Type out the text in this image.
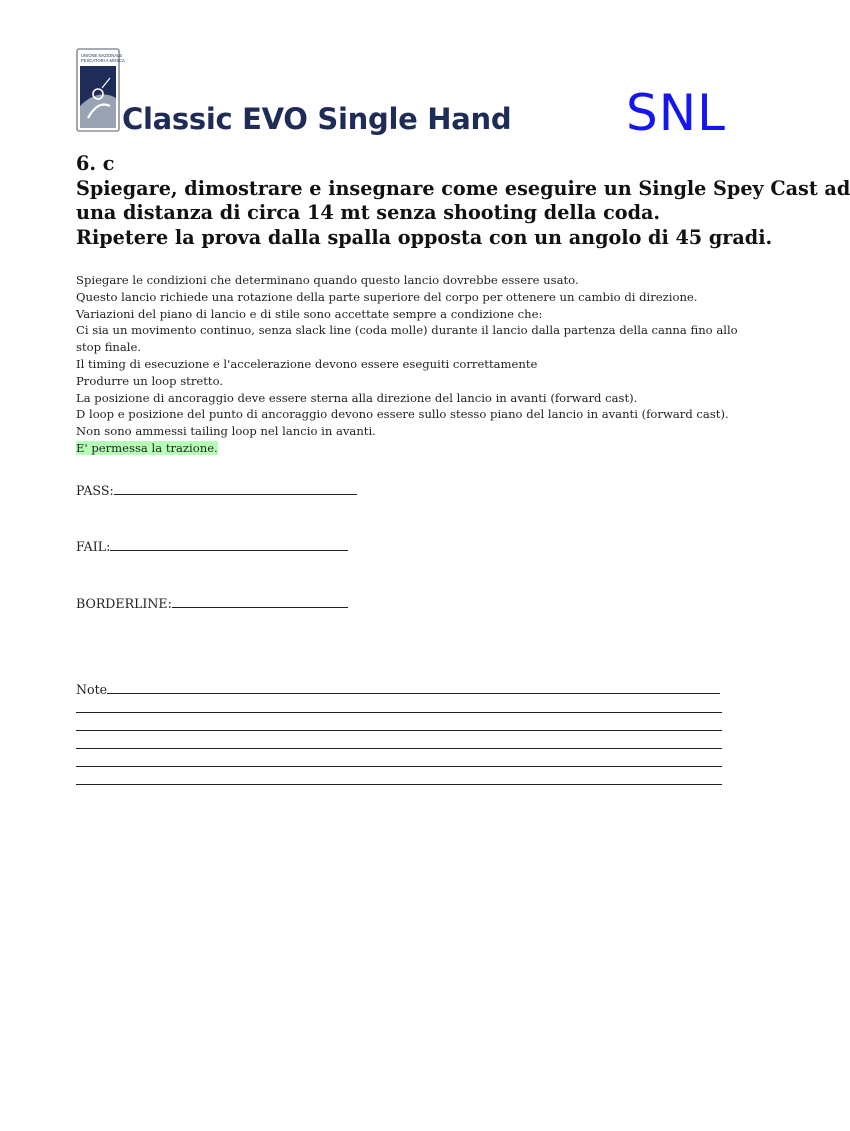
UNIONE NAZIONALE
PESCATORI A MOSCA
Classic EVO Single Hand SNL
6. c
Spiegare, dimostrare e insegnare come eseguire un Single Spey Cast ad
una distanza di circa 14 mt senza shooting della coda.
Ripetere la prova dalla spalla opposta con un angolo di 45 gradi.
Spiegare le condizioni che determinano quando questo lancio dovrebbe essere usato.
Questo lancio richiede una rotazione della parte superiore del corpo per ottenere un cambio di direzione.
Variazioni del piano di lancio e di stile sono accettate sempre a condizione che:
Ci sia un movimento continuo, senza slack line (coda molle) durante il lancio dalla partenza della canna fino allo
stop finale.
Il timing di esecuzione e l'accelerazione devono essere eseguiti correttamente
Produrre un loop stretto.
La posizione di ancoraggio deve essere sterna alla direzione del lancio in avanti (forward cast).
D loop e posizione del punto di ancoraggio devono essere sullo stesso piano del lancio in avanti (forward cast).
Non sono ammessi tailing loop nel lancio in avanti.
E' permessa la trazione.
PASS:
FAIL:
BORDERLINE:
Note
